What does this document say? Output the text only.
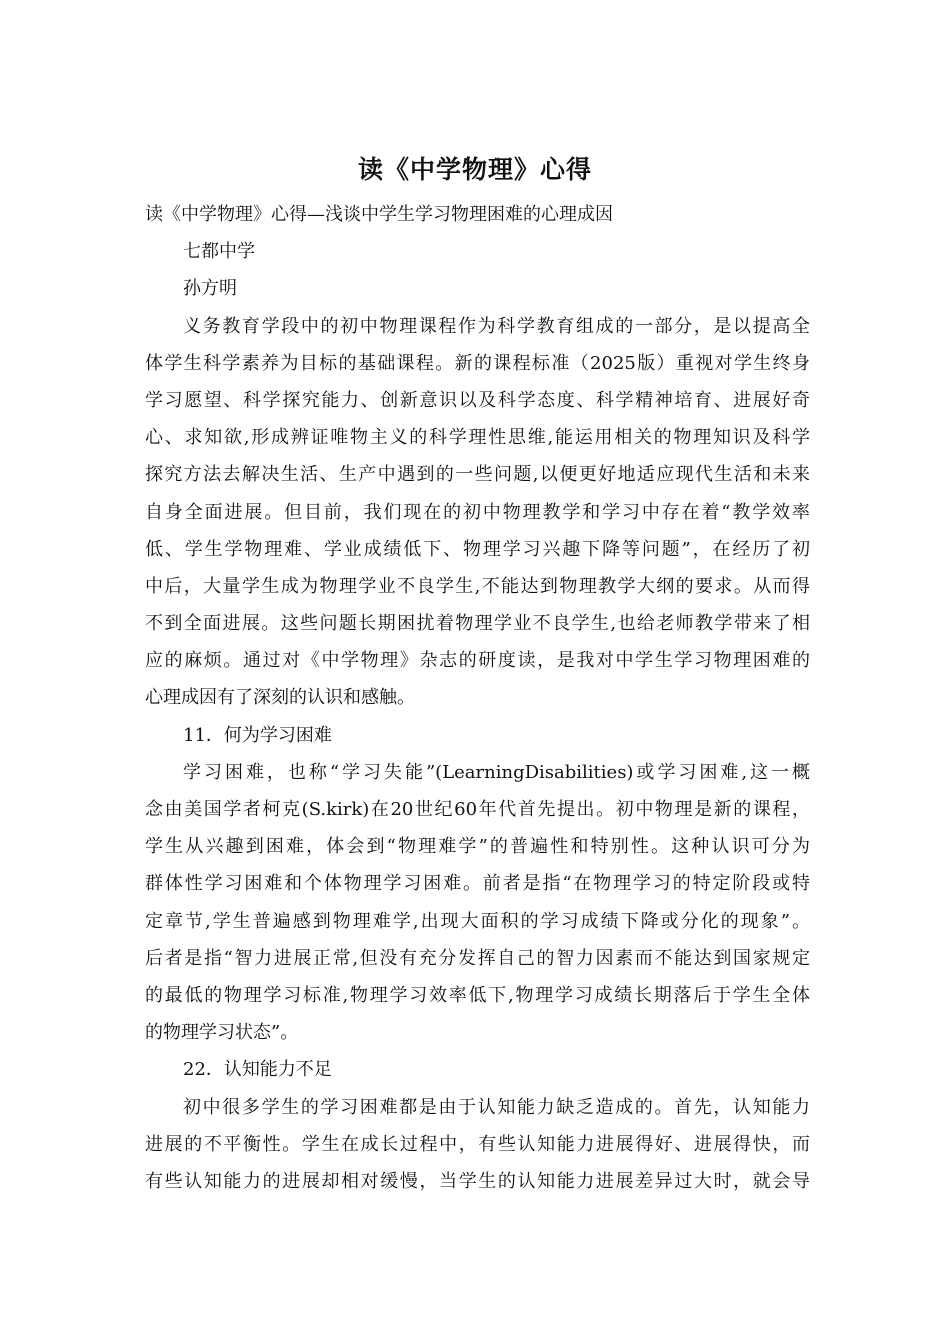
读《中学物理》心得
读《中学物理》心得—浅谈中学生学习物理困难的心理成因
七都中学
孙方明
义务教育学段中的初中物理课程作为科学教育组成的一部分，是以提高全
体学生科学素养为目标的基础课程。新的课程标准（2025版）重视对学生终身
学习愿望、科学探究能力、创新意识以及科学态度、科学精神培育、进展好奇
心、求知欲,形成辨证唯物主义的科学理性思维,能运用相关的物理知识及科学
探究方法去解决生活、生产中遇到的一些问题,以便更好地适应现代生活和未来
自身全面进展。但目前，我们现在的初中物理教学和学习中存在着“教学效率
低、学生学物理难、学业成绩低下、物理学习兴趣下降等问题”，在经历了初
中后，大量学生成为物理学业不良学生,不能达到物理教学大纲的要求。从而得
不到全面进展。这些问题长期困扰着物理学业不良学生,也给老师教学带来了相
应的麻烦。通过对《中学物理》杂志的研度读，是我对中学生学习物理困难的
心理成因有了深刻的认识和感触。
11．何为学习困难
学习困难，也称“学习失能”(LearningDisabilities)或学习困难,这一概
念由美国学者柯克(S.kirk)在20世纪60年代首先提出。初中物理是新的课程，
学生从兴趣到困难，体会到“物理难学”的普遍性和特别性。这种认识可分为
群体性学习困难和个体物理学习困难。前者是指“在物理学习的特定阶段或特
定章节,学生普遍感到物理难学,出现大面积的学习成绩下降或分化的现象”。
后者是指“智力进展正常,但没有充分发挥自己的智力因素而不能达到国家规定
的最低的物理学习标准,物理学习效率低下,物理学习成绩长期落后于学生全体
的物理学习状态”。
22．认知能力不足
初中很多学生的学习困难都是由于认知能力缺乏造成的。首先，认知能力
进展的不平衡性。学生在成长过程中，有些认知能力进展得好、进展得快，而
有些认知能力的进展却相对缓慢，当学生的认知能力进展差异过大时，就会导
